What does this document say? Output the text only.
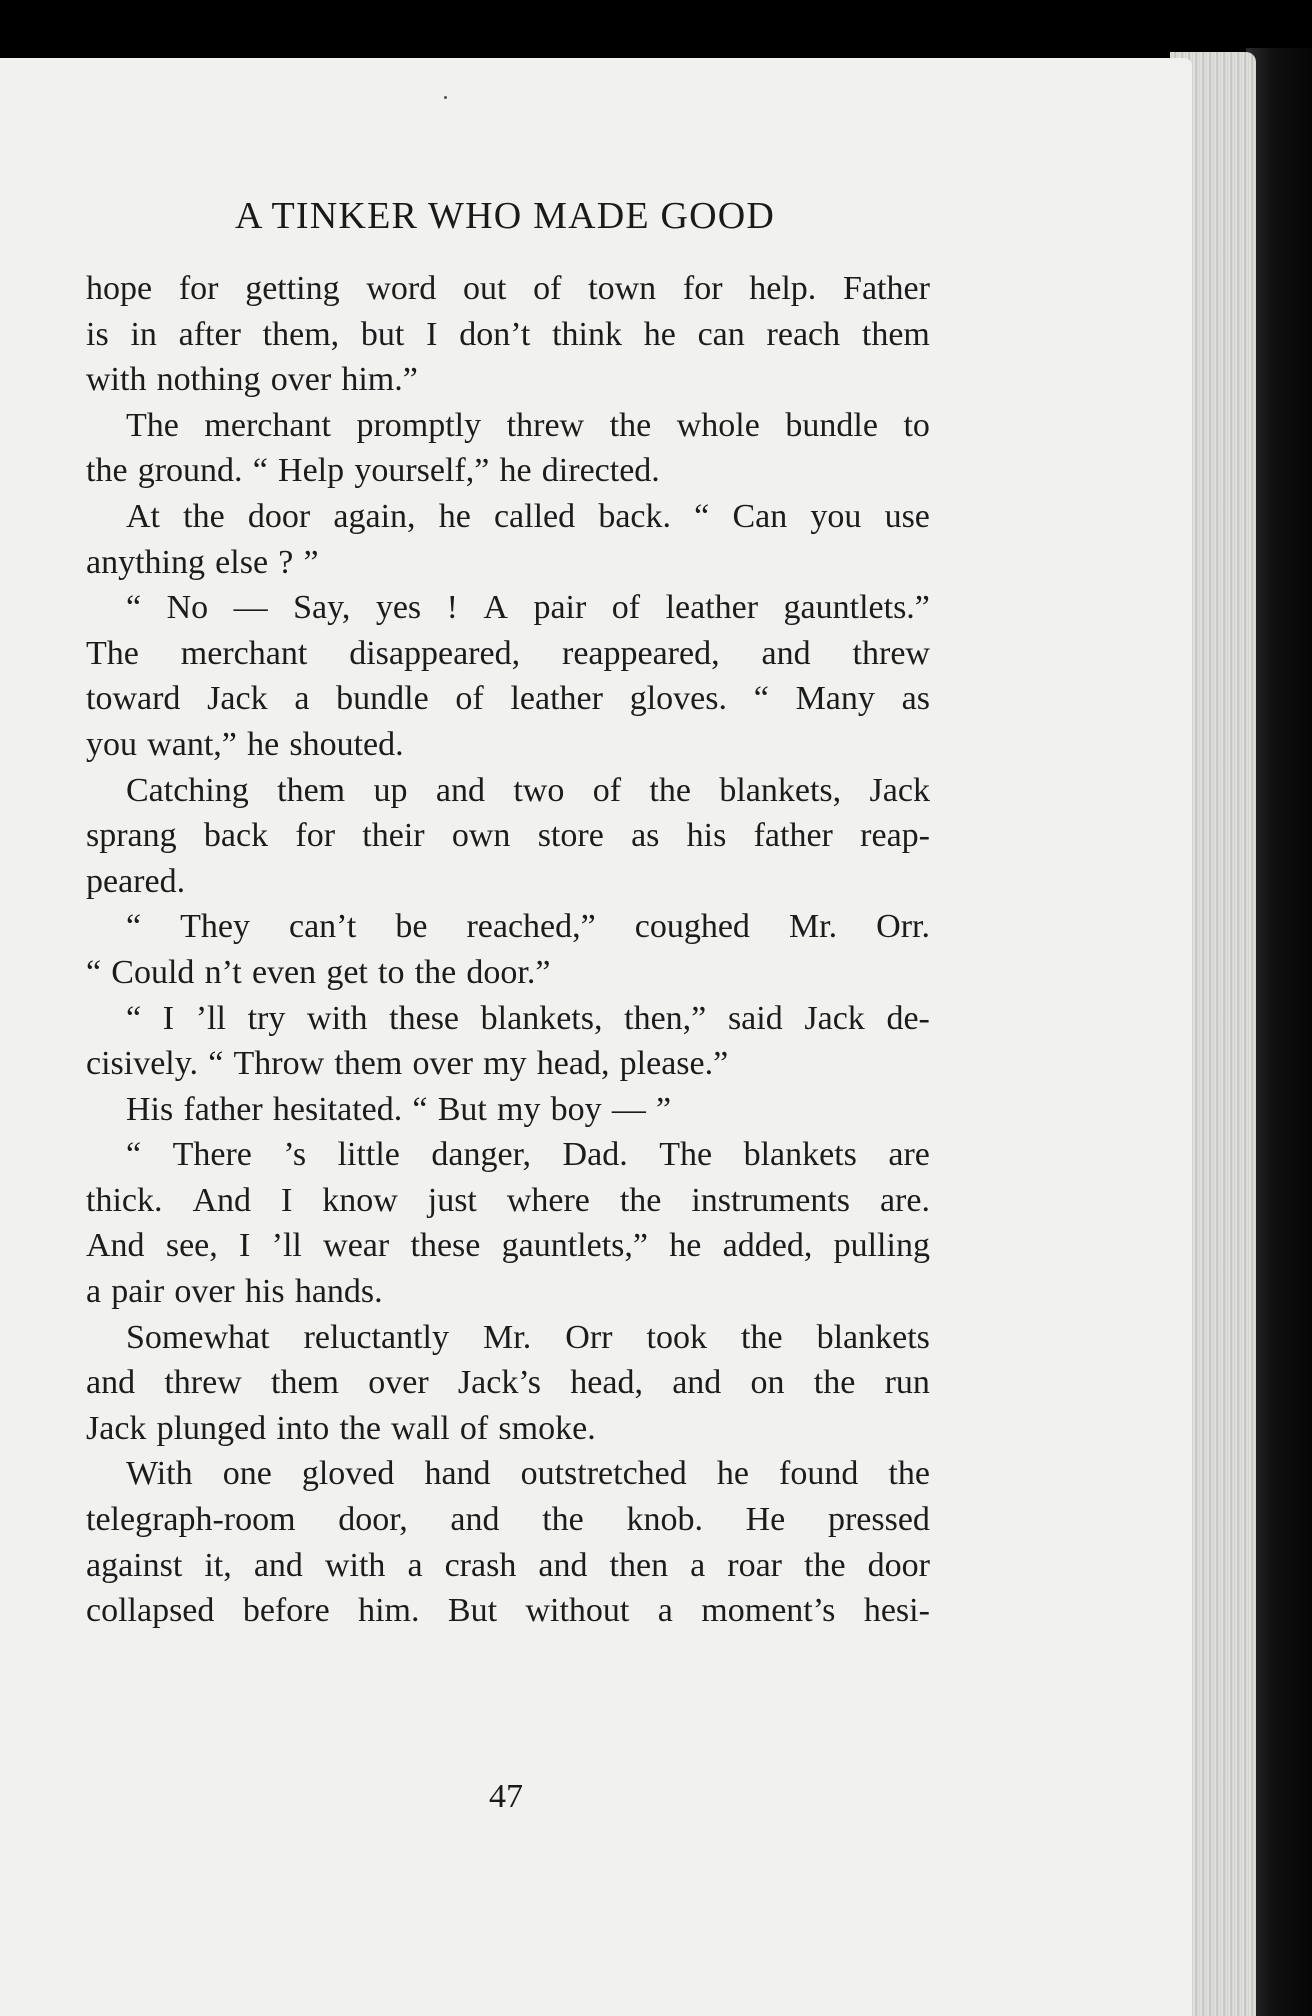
A TINKER WHO MADE GOOD
hope for getting word out of town for help. Father
is in after them, but I don’t think he can reach them
with nothing over him.”
The merchant promptly threw the whole bundle to
the ground. “ Help yourself,” he directed.
At the door again, he called back. “ Can you use
anything else ? ”
“ No — Say, yes ! A pair of leather gauntlets.”
The merchant disappeared, reappeared, and threw
toward Jack a bundle of leather gloves. “ Many as
you want,” he shouted.
Catching them up and two of the blankets, Jack
sprang back for their own store as his father reap-
peared.
“ They can’t be reached,” coughed Mr. Orr.
“ Could n’t even get to the door.”
“ I ’ll try with these blankets, then,” said Jack de-
cisively. “ Throw them over my head, please.”
His father hesitated. “ But my boy — ”
“ There ’s little danger, Dad. The blankets are
thick. And I know just where the instruments are.
And see, I ’ll wear these gauntlets,” he added, pulling
a pair over his hands.
Somewhat reluctantly Mr. Orr took the blankets
and threw them over Jack’s head, and on the run
Jack plunged into the wall of smoke.
With one gloved hand outstretched he found the
telegraph-room door, and the knob. He pressed
against it, and with a crash and then a roar the door
collapsed before him. But without a moment’s hesi-
47
